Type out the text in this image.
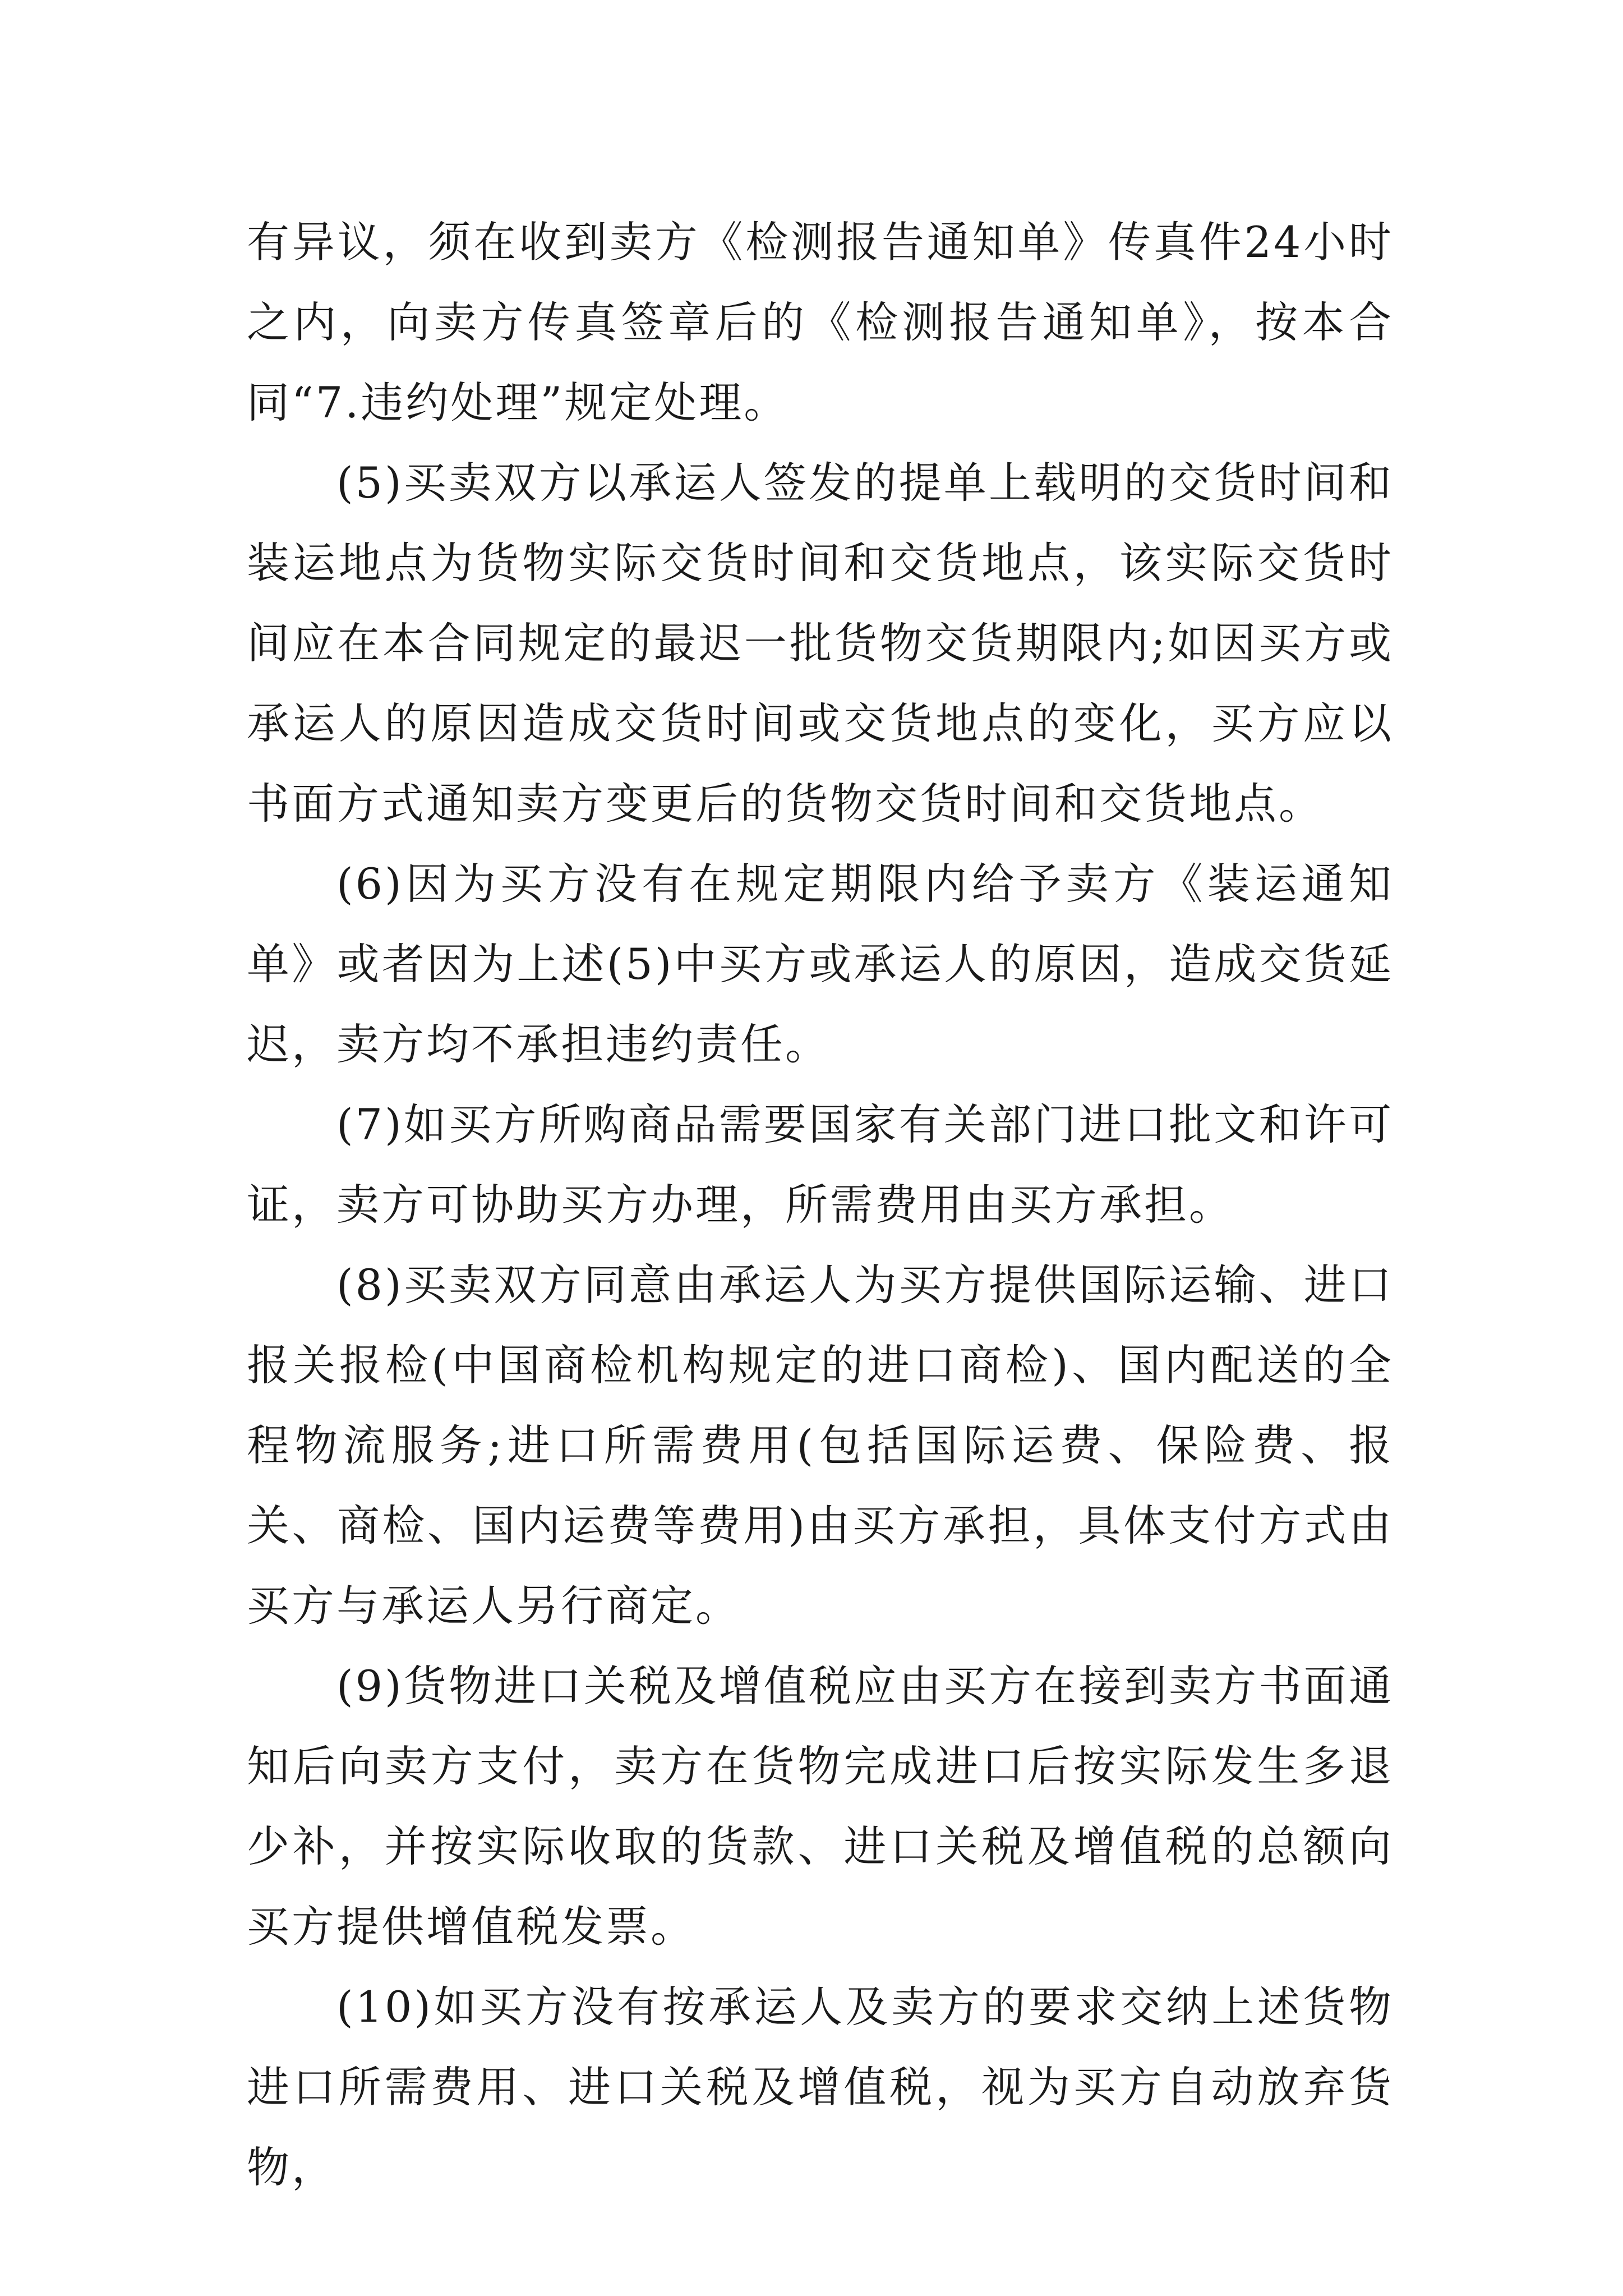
有异议，须在收到卖方《检测报告通知单》传真件24小时之内，向卖方传真签章后的《检测报告通知单》，按本合同“7.违约处理”规定处理。

(5)买卖双方以承运人签发的提单上载明的交货时间和装运地点为货物实际交货时间和交货地点，该实际交货时间应在本合同规定的最迟一批货物交货期限内;如因买方或承运人的原因造成交货时间或交货地点的变化，买方应以书面方式通知卖方变更后的货物交货时间和交货地点。

(6)因为买方没有在规定期限内给予卖方《装运通知单》或者因为上述(5)中买方或承运人的原因，造成交货延迟，卖方均不承担违约责任。

(7)如买方所购商品需要国家有关部门进口批文和许可证，卖方可协助买方办理，所需费用由买方承担。

(8)买卖双方同意由承运人为买方提供国际运输、进口报关报检(中国商检机构规定的进口商检)、国内配送的全程物流服务;进口所需费用(包括国际运费、保险费、报关、商检、国内运费等费用)由买方承担，具体支付方式由买方与承运人另行商定。

(9)货物进口关税及增值税应由买方在接到卖方书面通知后向卖方支付，卖方在货物完成进口后按实际发生多退少补，并按实际收取的货款、进口关税及增值税的总额向买方提供增值税发票。

(10)如买方没有按承运人及卖方的要求交纳上述货物进口所需费用、进口关税及增值税，视为买方自动放弃货物，
